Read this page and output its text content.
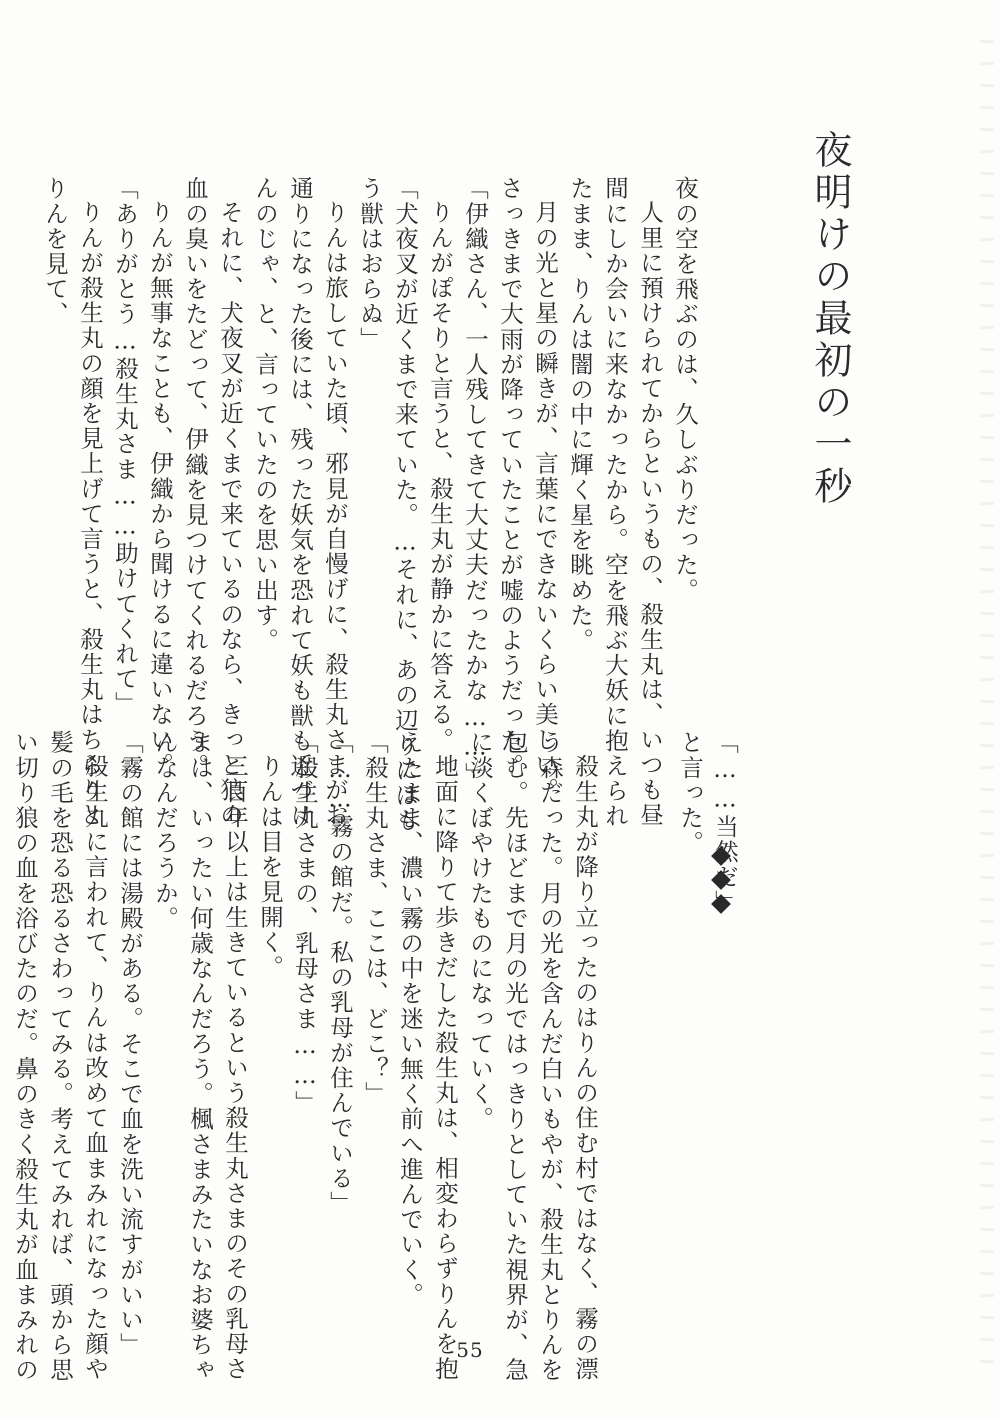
夜明けの最初の一秒
夜の空を飛ぶのは、久しぶりだった。
人里に預けられてからというもの、殺生丸は、いつも昼
間にしか会いに来なかったから。空を飛ぶ大妖に抱えられ
たまま、りんは闇の中に輝く星を眺めた。
月の光と星の瞬きが、言葉にできないくらい美しい。
さっきまで大雨が降っていたことが嘘のようだった。
「伊織さん、一人残してきて大丈夫だったかな……」
りんがぽそりと言うと、殺生丸が静かに答える。
「犬夜叉が近くまで来ていた。…それに、あの辺りにはも
う獣はおらぬ」
りんは旅していた頃、邪見が自慢げに、殺生丸さまがお
通りになった後には、残った妖気を恐れて妖も獣も近づけ
んのじゃ、と、言っていたのを思い出す。
それに、犬夜叉が近くまで来ているのなら、きっと狼の
血の臭いをたどって、伊織を見つけてくれるだろう。
りんが無事なことも、伊織から聞けるに違いない。
「ありがとう…殺生丸さま……助けてくれて」
りんが殺生丸の顔を見上げて言うと、殺生丸はちらりと
りんを見て、
「……当然だ」
と言った。

殺生丸が降り立ったのはりんの住む村ではなく、霧の漂
う森だった。月の光を含んだ白いもやが、殺生丸とりんを
包む。先ほどまで月の光ではっきりとしていた視界が、急
に淡くぼやけたものになっていく。
地面に降りて歩きだした殺生丸は、相変わらずりんを抱
えたまま、濃い霧の中を迷い無く前へ進んでいく。
「殺生丸さま、ここは、どこ？」
「……霧の館だ。私の乳母が住んでいる」
「殺生丸さまの、乳母さま……」
りんは目を見開く。
三百年以上は生きているという殺生丸さまのその乳母さ
まは、いったい何歳なんだろう。楓さまみたいなお婆ちゃ
んなんだろうか。
「霧の館には湯殿がある。そこで血を洗い流すがいい」
殺生丸に言われて、りんは改めて血まみれになった顔や
髪の毛を恐る恐るさわってみる。考えてみれば、頭から思
い切り狼の血を浴びたのだ。鼻のきく殺生丸が血まみれの	55
